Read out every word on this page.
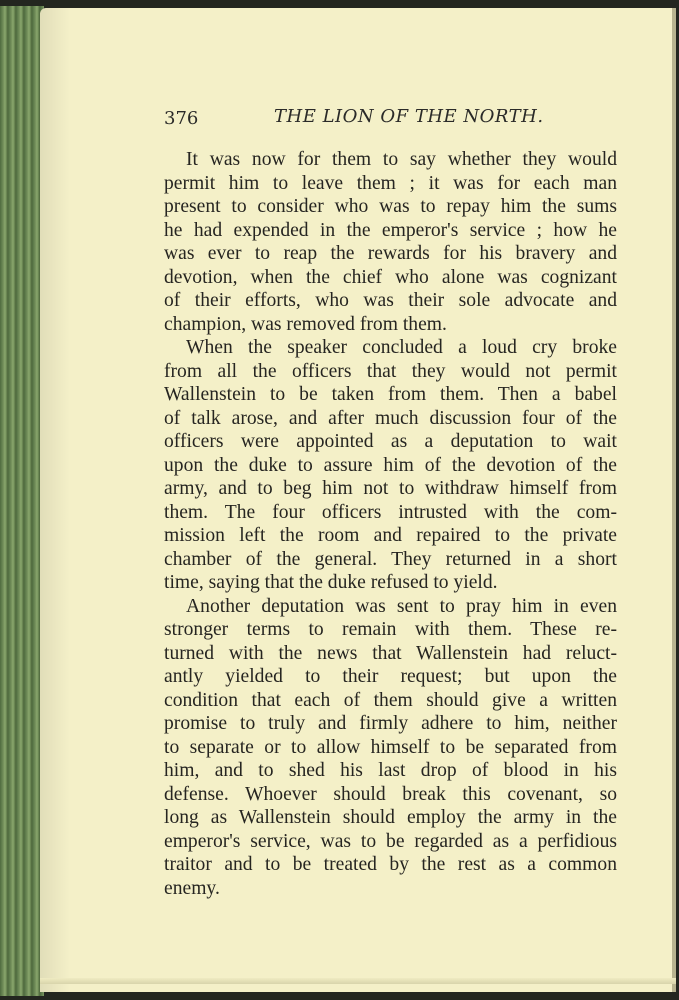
376	THE LION OF THE NORTH.
It was now for them to say whether they would
permit him to leave them ; it was for each man
present to consider who was to repay him the sums
he had expended in the emperor's service ; how he
was ever to reap the rewards for his bravery and
devotion, when the chief who alone was cognizant
of their efforts, who was their sole advocate and
champion, was removed from them.
When the speaker concluded a loud cry broke
from all the officers that they would not permit
Wallenstein to be taken from them. Then a babel
of talk arose, and after much discussion four of the
officers were appointed as a deputation to wait
upon the duke to assure him of the devotion of the
army, and to beg him not to withdraw himself from
them. The four officers intrusted with the com-
mission left the room and repaired to the private
chamber of the general. They returned in a short
time, saying that the duke refused to yield.
Another deputation was sent to pray him in even
stronger terms to remain with them. These re-
turned with the news that Wallenstein had reluct-
antly yielded to their request; but upon the
condition that each of them should give a written
promise to truly and firmly adhere to him, neither
to separate or to allow himself to be separated from
him, and to shed his last drop of blood in his
defense. Whoever should break this covenant, so
long as Wallenstein should employ the army in the
emperor's service, was to be regarded as a perfidious
traitor and to be treated by the rest as a common
enemy.
